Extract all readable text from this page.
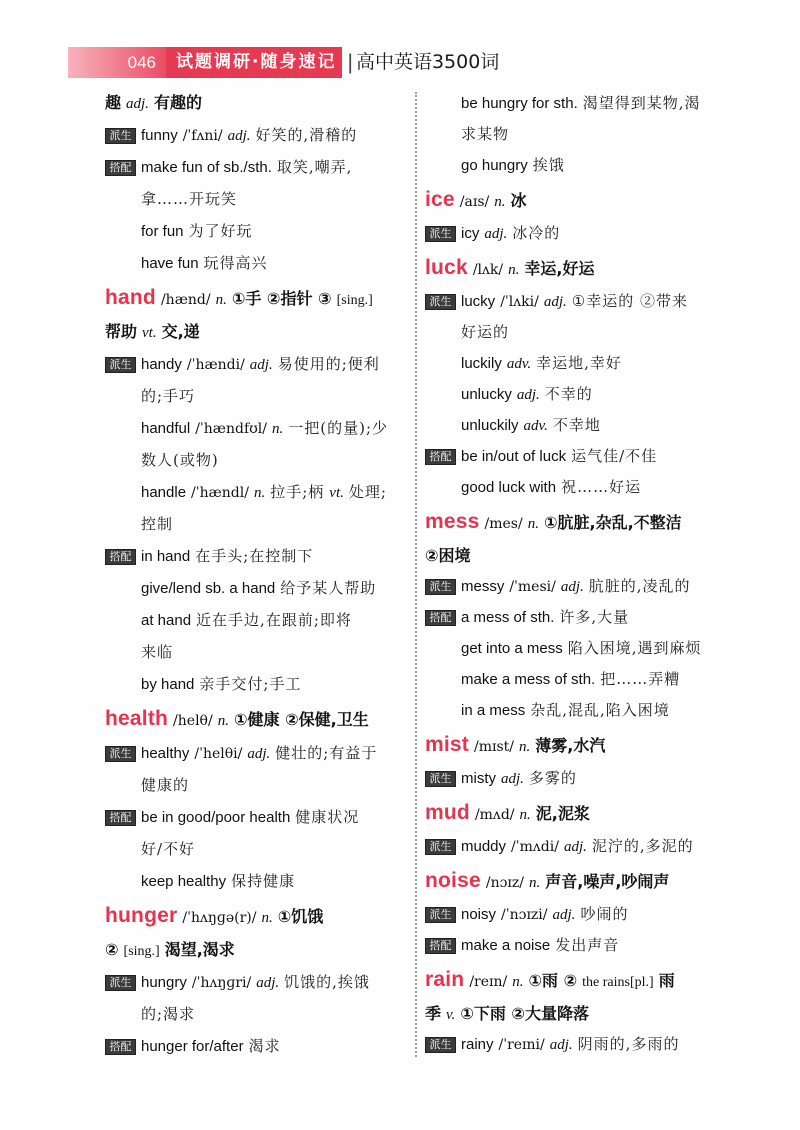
046	试题调研·随身速记 | 高中英语3500词
趣 adj. 有趣的
派生 funny /ˈfʌni/ adj. 好笑的,滑稽的
搭配 make fun of sb./sth. 取笑,嘲弄,
拿……开玩笑
for fun 为了好玩
have fun 玩得高兴
hand /hænd/ n. ①手 ②指针 ③ [sing.]
帮助 vt. 交,递
派生 handy /ˈhændi/ adj. 易使用的;便利
的;手巧
handful /ˈhændfʊl/ n. 一把(的量);少
数人(或物)
handle /ˈhændl/ n. 拉手;柄 vt. 处理;
控制
搭配 in hand 在手头;在控制下
give/lend sb. a hand 给予某人帮助
at hand 近在手边,在跟前;即将
来临
by hand 亲手交付;手工
health /helθ/ n. ①健康 ②保健,卫生
派生 healthy /ˈhelθi/ adj. 健壮的;有益于
健康的
搭配 be in good/poor health 健康状况
好/不好
keep healthy 保持健康
hunger /ˈhʌŋɡə(r)/ n. ①饥饿
② [sing.] 渴望,渴求
派生 hungry /ˈhʌŋɡri/ adj. 饥饿的,挨饿
的;渴求
搭配 hunger for/after 渴求
be hungry for sth. 渴望得到某物,渴
求某物
go hungry 挨饿
ice /aɪs/ n. 冰
派生 icy adj. 冰冷的
luck /lʌk/ n. 幸运,好运
派生 lucky /ˈlʌki/ adj. ①幸运的 ②带来
好运的
luckily adv. 幸运地,幸好
unlucky adj. 不幸的
unluckily adv. 不幸地
搭配 be in/out of luck 运气佳/不佳
good luck with 祝……好运
mess /mes/ n. ①肮脏,杂乱,不整洁
②困境
派生 messy /ˈmesi/ adj. 肮脏的,凌乱的
搭配 a mess of sth. 许多,大量
get into a mess 陷入困境,遇到麻烦
make a mess of sth. 把……弄糟
in a mess 杂乱,混乱,陷入困境
mist /mɪst/ n. 薄雾,水汽
派生 misty adj. 多雾的
mud /mʌd/ n. 泥,泥浆
派生 muddy /ˈmʌdi/ adj. 泥泞的,多泥的
noise /nɔɪz/ n. 声音,噪声,吵闹声
派生 noisy /ˈnɔɪzi/ adj. 吵闹的
搭配 make a noise 发出声音
rain /reɪn/ n. ①雨 ② the rains[pl.] 雨
季 v. ①下雨 ②大量降落
派生 rainy /ˈreɪni/ adj. 阴雨的,多雨的
